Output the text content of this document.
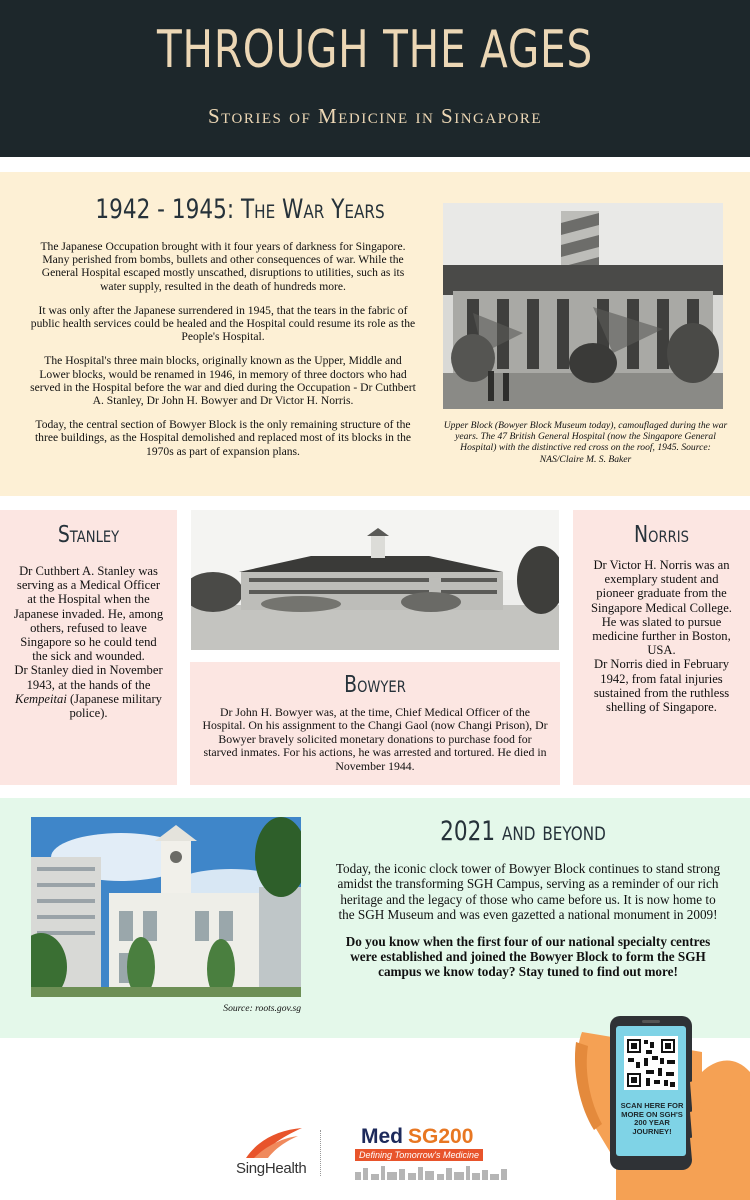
THROUGH THE AGES
Stories of Medicine in Singapore
1942 - 1945: The War Years

The Japanese Occupation brought with it four years of darkness for Singapore. Many perished from bombs, bullets and other consequences of war. While the General Hospital escaped mostly unscathed, disruptions to utilities, such as its water supply, resulted in the death of hundreds more.

It was only after the Japanese surrendered in 1945, that the tears in the fabric of public health services could be healed and the Hospital could resume its role as the People's Hospital.

The Hospital's three main blocks, originally known as the Upper, Middle and Lower blocks, would be renamed in 1946, in memory of three doctors who had served in the Hospital before the war and died during the Occupation - Dr Cuthbert A. Stanley, Dr John H. Bowyer and Dr Victor H. Norris.

Today, the central section of Bowyer Block is the only remaining structure of the three buildings, as the Hospital demolished and replaced most of its blocks in the 1970s as part of expansion plans.

Upper Block (Bowyer Block Museum today), camouflaged during the war years. The 47 British General Hospital (now the Singapore General Hospital) with the distinctive red cross on the roof, 1945. Source: NAS/Claire M. S. Baker

Stanley
Dr Cuthbert A. Stanley was serving as a Medical Officer at the Hospital when the Japanese invaded. He, among others, refused to leave Singapore so he could tend the sick and wounded.
Dr Stanley died in November 1943, at the hands of the Kempeitai (Japanese military police).
Bowyer

Dr John H. Bowyer was, at the time, Chief Medical Officer of the Hospital. On his assignment to the Changi Gaol (now Changi Prison), Dr Bowyer bravely solicited monetary donations to purchase food for starved inmates. For his actions, he was arrested and tortured. He died in November 1944.

Norris
Dr Victor H. Norris was an exemplary student and pioneer graduate from the Singapore Medical College. He was slated to pursue medicine further in Boston, USA.
Dr Norris died in February 1942, from fatal injuries sustained from the ruthless shelling of Singapore.

Source: roots.gov.sg

2021 and beyond

Today, the iconic clock tower of Bowyer Block continues to stand strong amidst the transforming SGH Campus, serving as a reminder of our rich heritage and the legacy of those who came before us. It is now home to the SGH Museum and was even gazetted a national monument in 2009!

Do you know when the first four of our national specialty centres were established and joined the Bowyer Block to form the SGH campus we know today? Stay tuned to find out more!

SingHealth
Med SG200
Defining Tomorrow's Medicine

SCAN HERE FOR MORE ON SGH'S 200 YEAR JOURNEY!
